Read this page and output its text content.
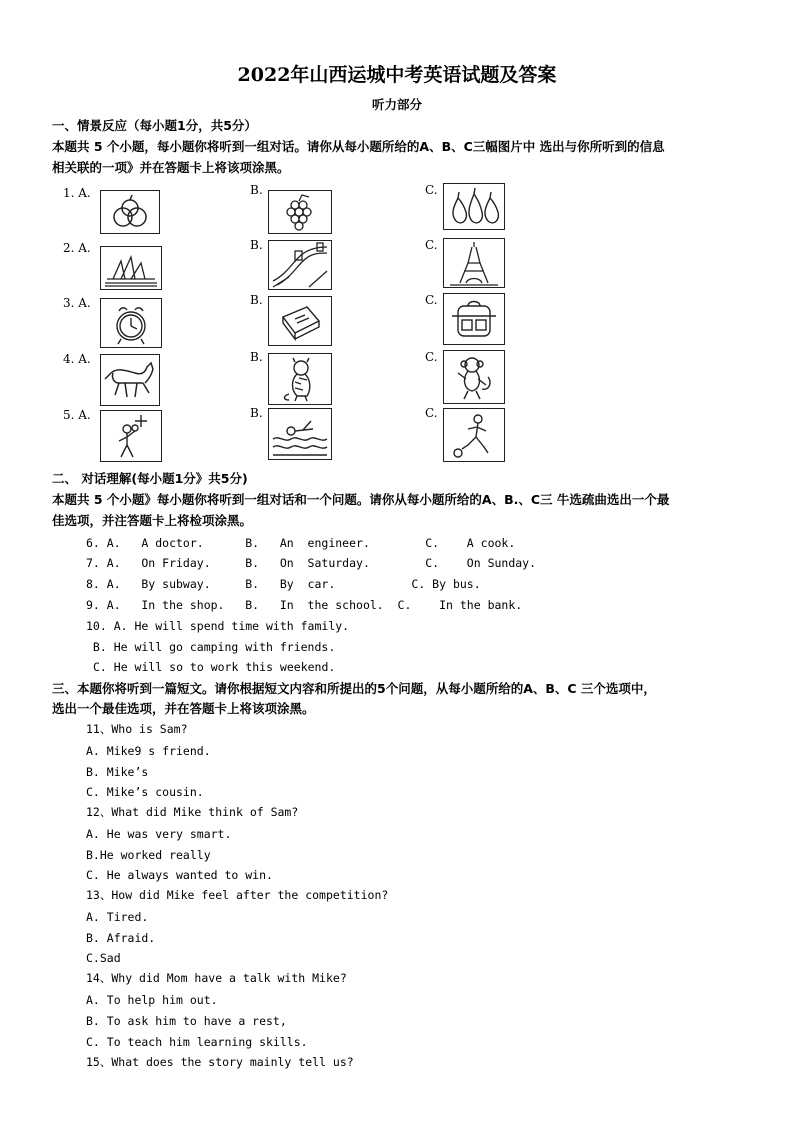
2022年山西运城中考英语试题及答案
听力部分
一、情景反应（每小题1分，共5分）
本题共 5 个小题，每小题你将听到一组对话。请你从每小题所给的A、B、C三幅图片中 选出与你所听到的信息
相关联的一项》并在答题卡上将该项涂黑。
1. A.	B.	C.
2. A.	B.	C.
3. A.	B.	C.
4. A.	B.	C.
5. A.	B.	C.
二、 对话理解(每小题1分》共5分)
本题共 5 个小题》每小题你将听到一组对话和一个问题。请你从每小题所给的A、B.、C三 牛选疏曲选出一个最
佳选项，并注答题卡上将检项涂黑。
6. A.   A doctor.      B.   An  engineer.        C.    A cook.
7. A.   On Friday.     B.   On  Saturday.        C.    On Sunday.
8. A.   By subway.     B.   By  car.           C. By bus.
9. A.   In the shop.   B.   In  the school.  C.    In the bank.
10. A. He will spend time with family.
B. He will go camping with friends.
C. He will so to work this weekend.
三、本题你将听到一篇短文。请你根据短文内容和所提出的5个问题，从每小题所给的A、B、C 三个选项中，
选出一个最佳选项，并在答题卡上将该项涂黑。
11、Who is Sam?
A. Mike9 s friend.
B. Mike’s
C. Mike’s cousin.
12、What did Mike think of Sam?
A. He was very smart.
B.He worked really
C. He always wanted to win.
13、How did Mike feel after the competition?
A. Tired.
B. Afraid.
C.Sad
14、Why did Mom have a talk with Mike?
A. To help him out.
B. To ask him to have a rest,
C. To teach him learning skills.
15、What does the story mainly tell us?
